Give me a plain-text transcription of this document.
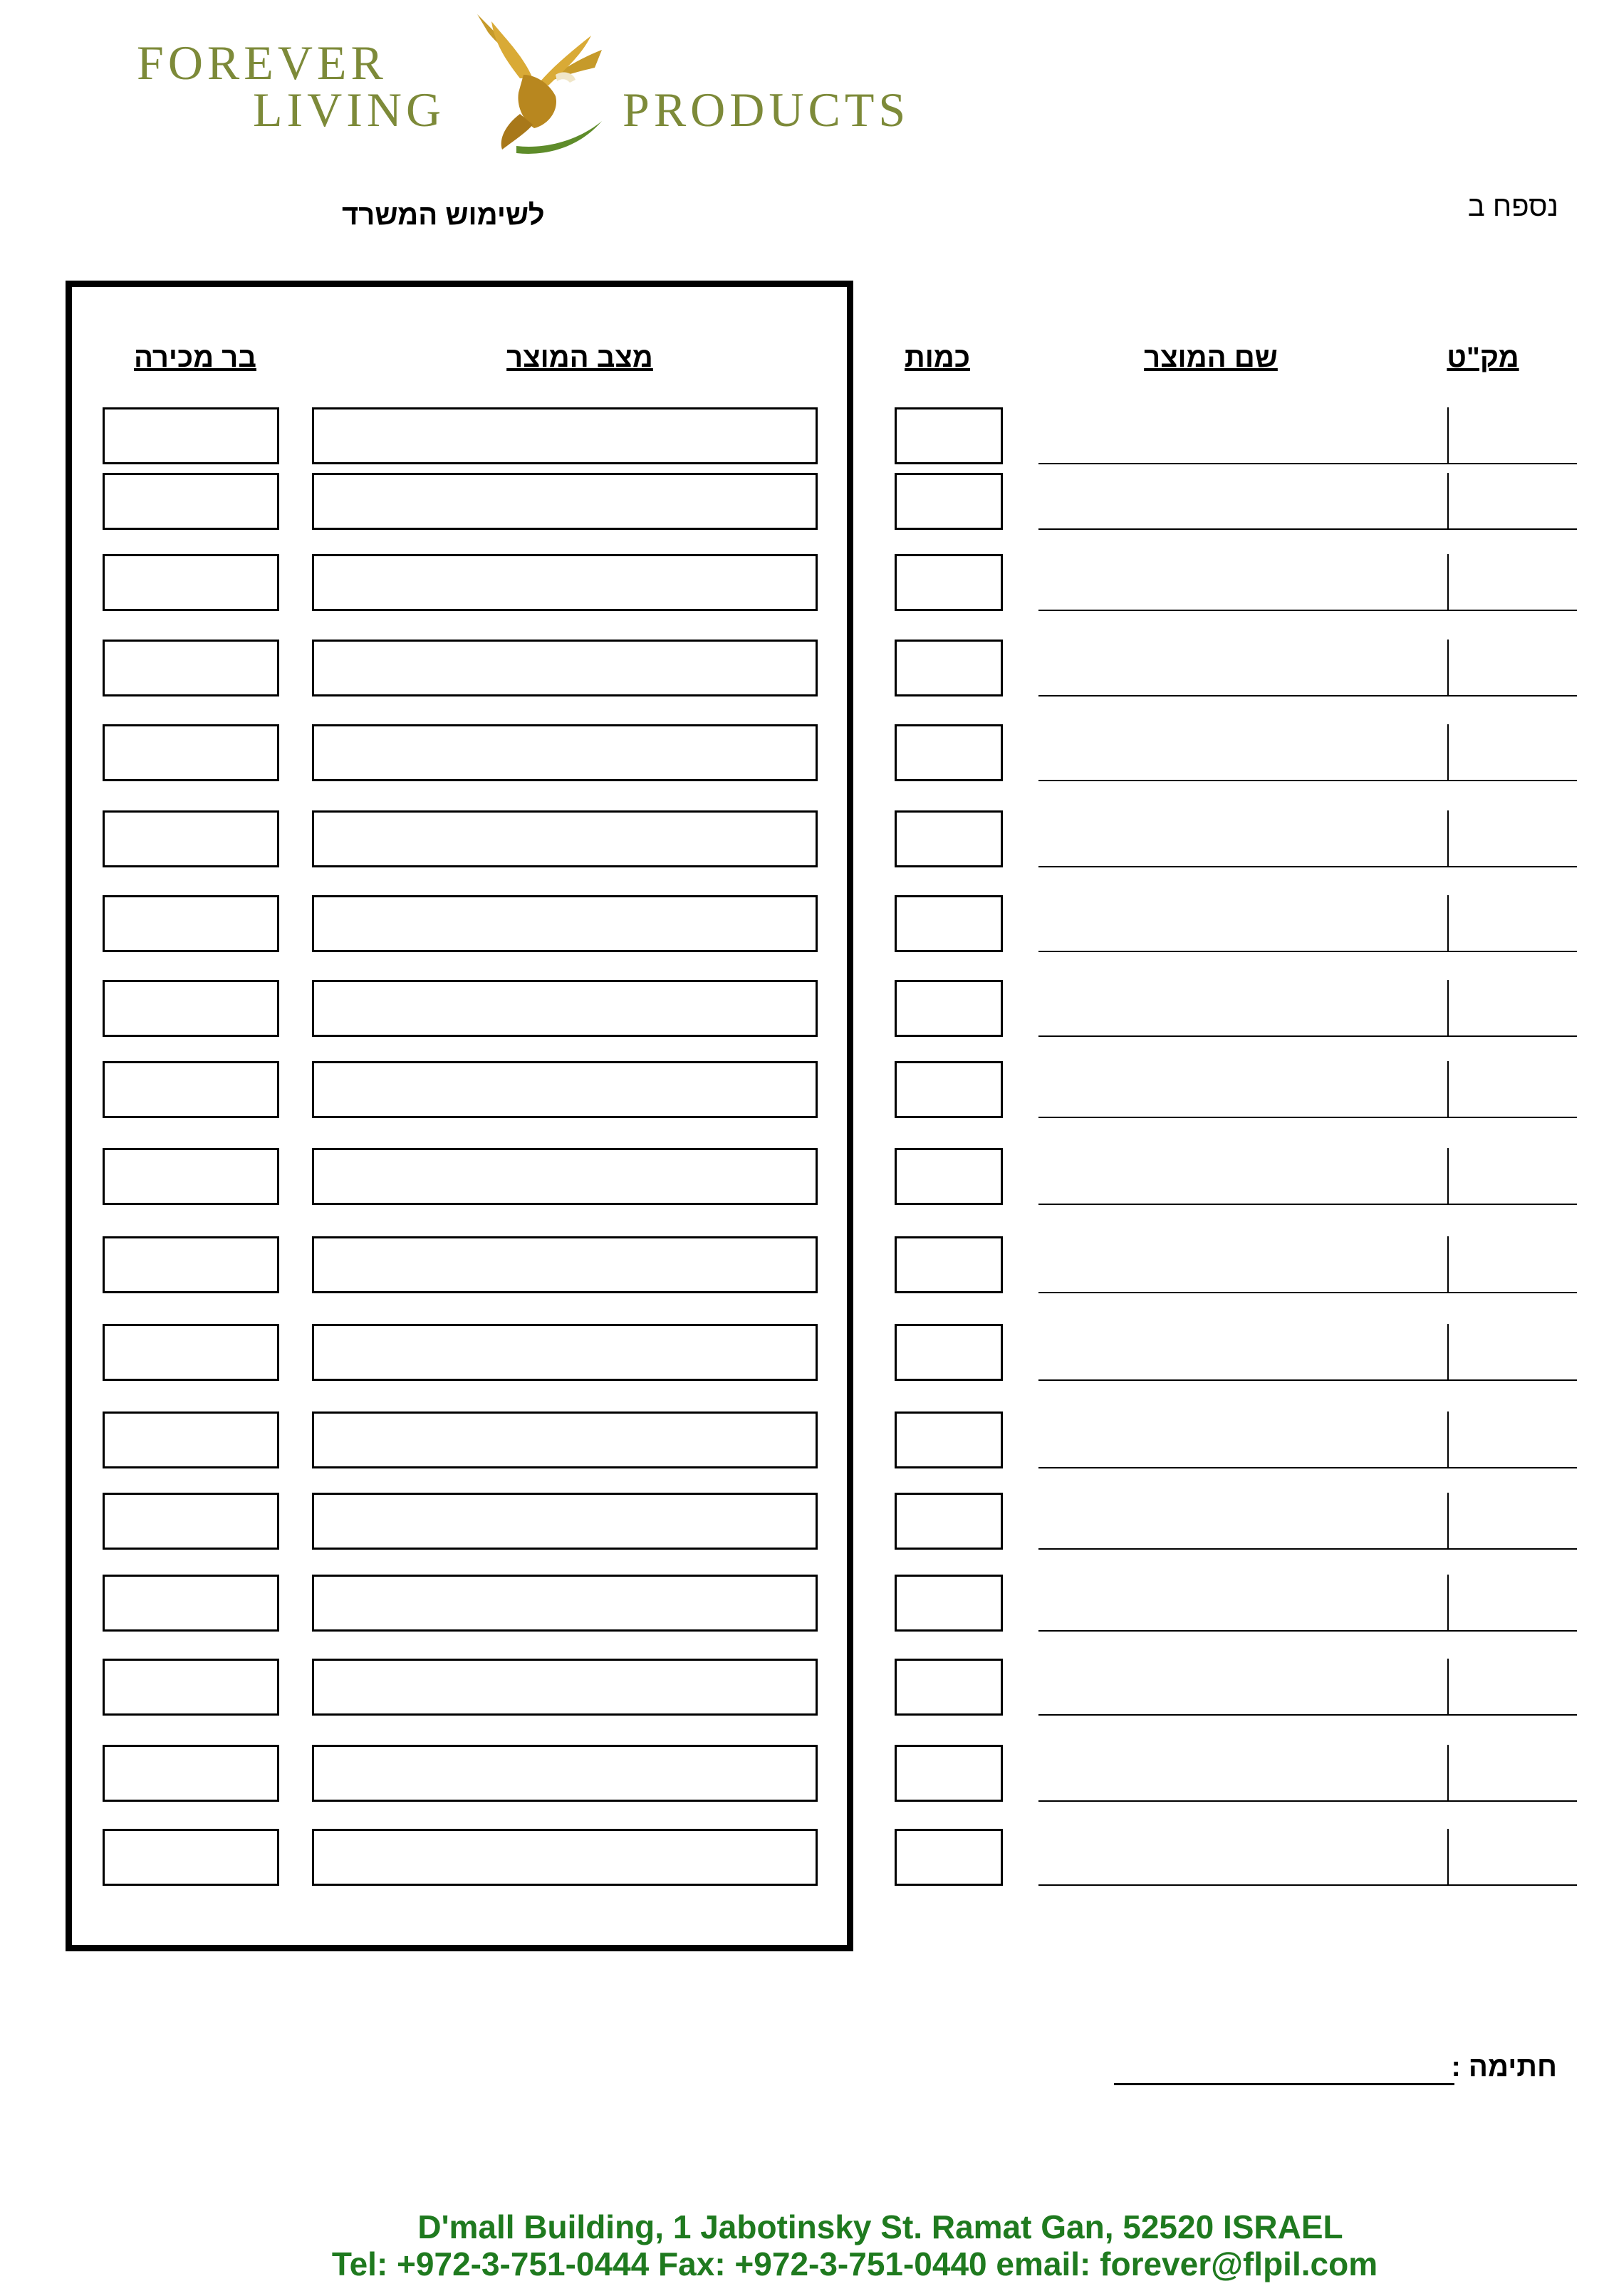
FOREVER
LIVING	PRODUCTS
נספח ב
לשימוש המשרד
מק"ט
שם המוצר
כמות
מצב המוצר
בר מכירה
חתימה :
D'mall Building, 1 Jabotinsky St. Ramat Gan, 52520 ISRAEL
Tel: +972-3-751-0444 Fax: +972-3-751-0440 email: forever@flpil.com
